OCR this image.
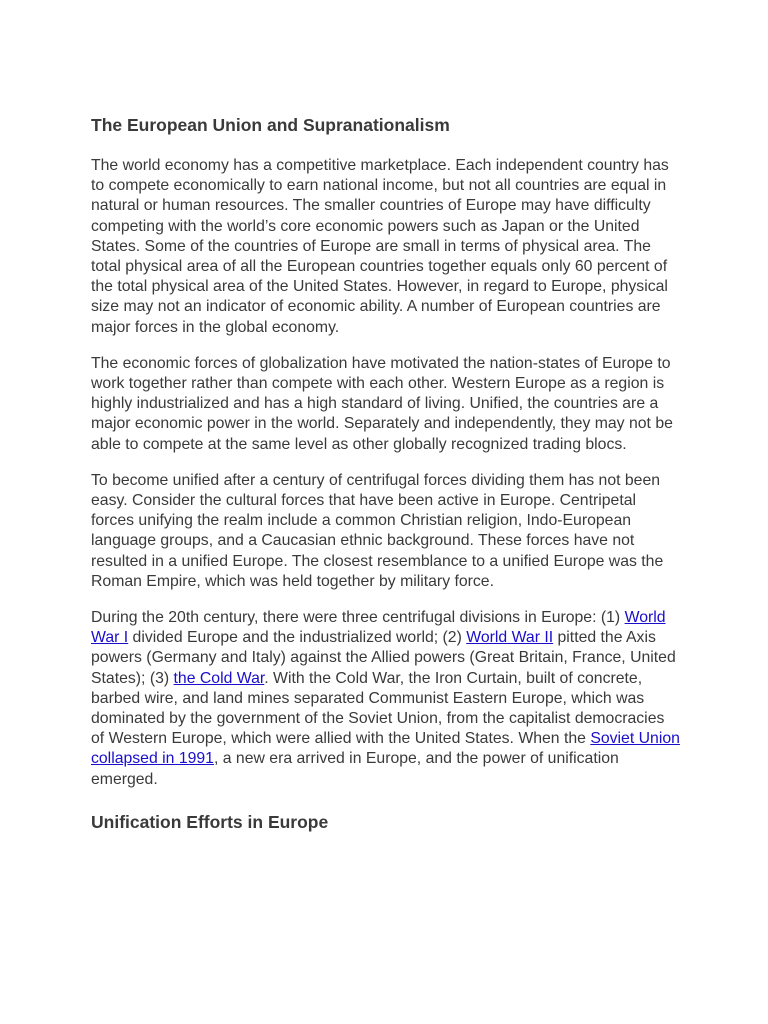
The European Union and Supranationalism

The world economy has a competitive marketplace. Each independent country has to compete economically to earn national income, but not all countries are equal in natural or human resources. The smaller countries of Europe may have difficulty competing with the world’s core economic powers such as Japan or the United States. Some of the countries of Europe are small in terms of physical area. The total physical area of all the European countries together equals only 60 percent of the total physical area of the United States. However, in regard to Europe, physical size may not an indicator of economic ability. A number of European countries are major forces in the global economy.

The economic forces of globalization have motivated the nation-states of Europe to work together rather than compete with each other. Western Europe as a region is highly industrialized and has a high standard of living. Unified, the countries are a major economic power in the world. Separately and independently, they may not be able to compete at the same level as other globally recognized trading blocs.

To become unified after a century of centrifugal forces dividing them has not been easy. Consider the cultural forces that have been active in Europe. Centripetal forces unifying the realm include a common Christian religion, Indo-European language groups, and a Caucasian ethnic background. These forces have not resulted in a unified Europe. The closest resemblance to a unified Europe was the Roman Empire, which was held together by military force.

During the 20th century, there were three centrifugal divisions in Europe: (1) World War I divided Europe and the industrialized world; (2) World War II pitted the Axis powers (Germany and Italy) against the Allied powers (Great Britain, France, United States); (3) the Cold War. With the Cold War, the Iron Curtain, built of concrete, barbed wire, and land mines separated Communist Eastern Europe, which was dominated by the government of the Soviet Union, from the capitalist democracies of Western Europe, which were allied with the United States. When the Soviet Union collapsed in 1991, a new era arrived in Europe, and the power of unification emerged.

Unification Efforts in Europe
